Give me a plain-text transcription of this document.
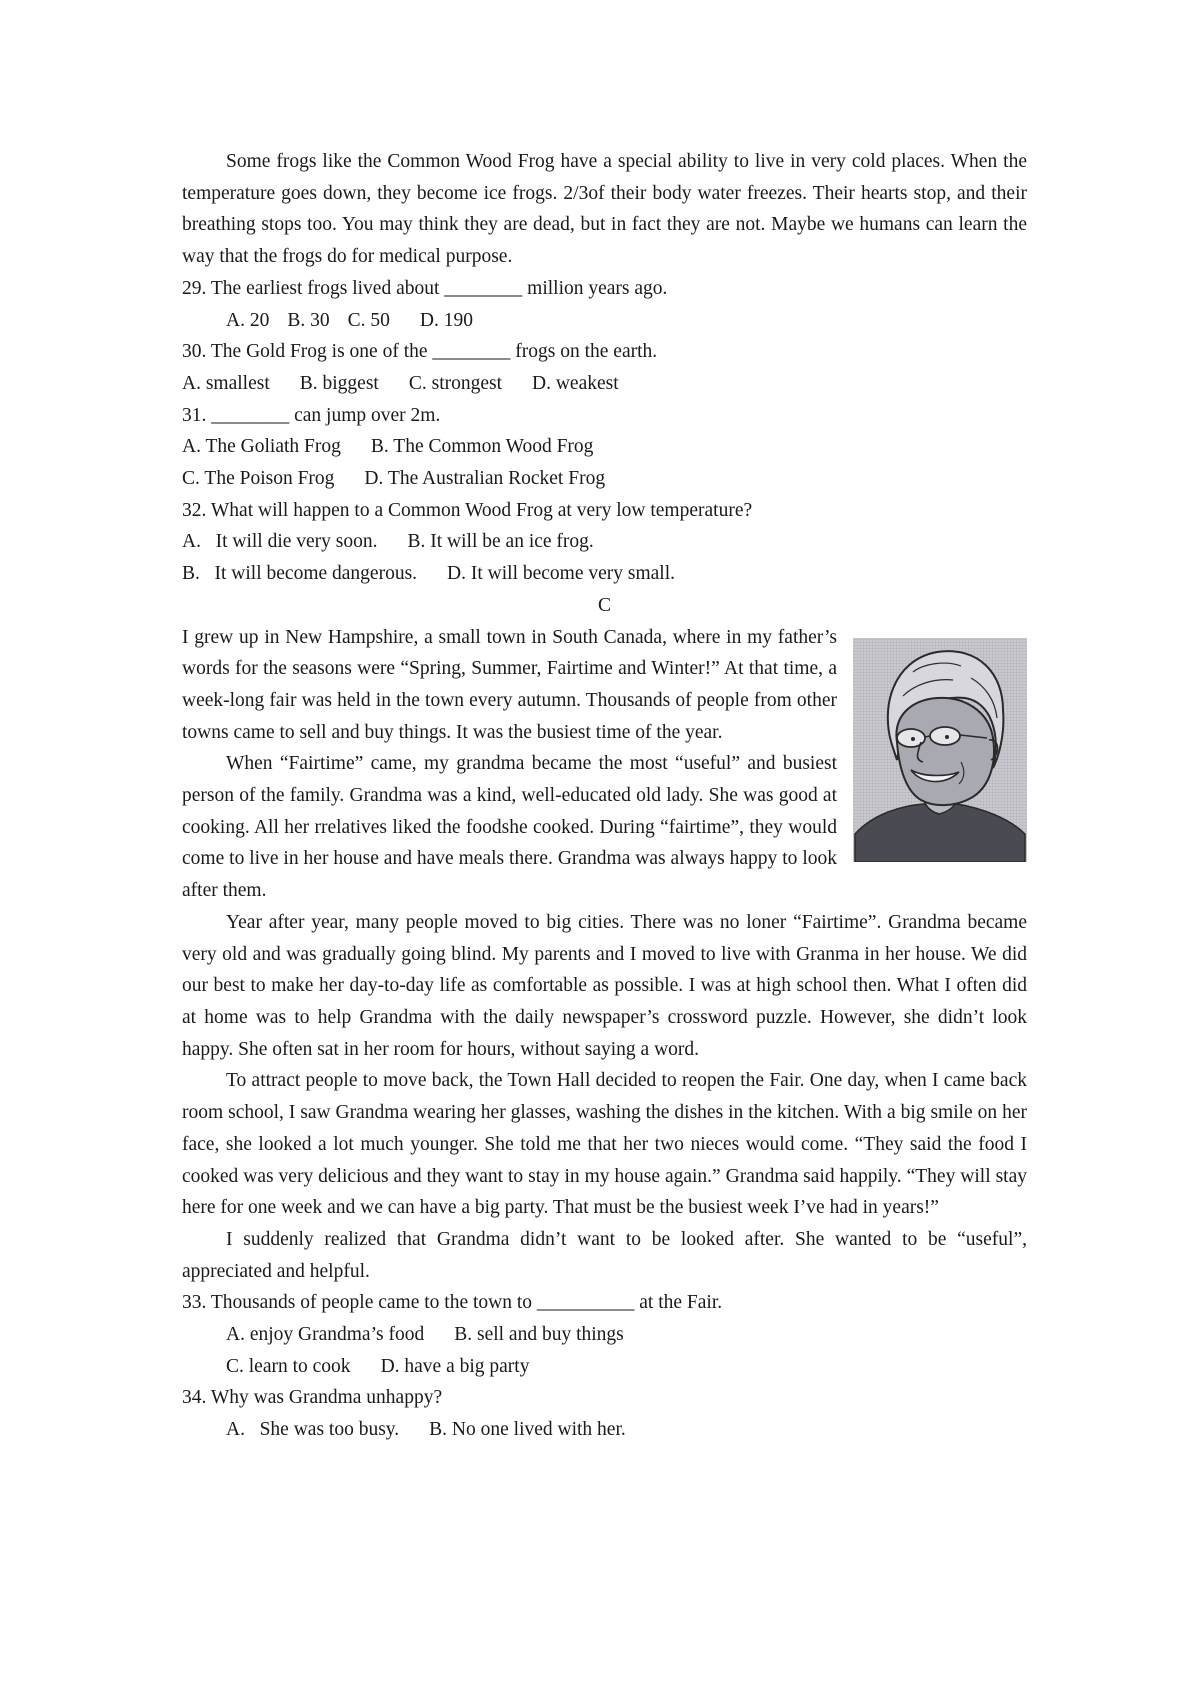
Some frogs like the Common Wood Frog have a special ability to live in very cold places. When the temperature goes down, they become ice frogs. 2/3of their body water freezes. Their hearts stop, and their breathing stops too. You may think they are dead, but in fact they are not. Maybe we humans can learn the way that the frogs do for medical purpose.

29. The earliest frogs lived about ________ million years ago.

A. 20 B. 30 C. 50 D. 190

30. The Gold Frog is one of the ________ frogs on the earth.

A. smallest B. biggest C. strongest D. weakest

31. ________ can jump over 2m.

A. The Goliath Frog B. The Common Wood Frog

C. The Poison Frog D. The Australian Rocket Frog

32. What will happen to a Common Wood Frog at very low temperature?

A.   It will die very soon. B. It will be an ice frog.

B.   It will become dangerous. D. It will become very small.

C

I grew up in New Hampshire, a small town in South Canada, where in my father’s words for the seasons were “Spring, Summer, Fairtime and Winter!” At that time, a week-long fair was held in the town every autumn. Thousands of people from other towns came to sell and buy things. It was the busiest time of the year.

When “Fairtime” came, my grandma became the most “useful” and busiest person of the family. Grandma was a kind, well-educated old lady. She was good at cooking. All her rrelatives liked the foodshe cooked. During “fairtime”, they would come to live in her house and have meals there. Grandma was always happy to look after them.

Year after year, many people moved to big cities. There was no loner “Fairtime”. Grandma became very old and was gradually going blind. My parents and I moved to live with Granma in her house. We did our best to make her day-to-day life as comfortable as possible. I was at high school then. What I often did at home was to help Grandma with the daily newspaper’s crossword puzzle. However, she didn’t look happy. She often sat in her room for hours, without saying a word.

To attract people to move back, the Town Hall decided to reopen the Fair. One day, when I came back room school, I saw Grandma wearing her glasses, washing the dishes in the kitchen. With a big smile on her face, she looked a lot much younger. She told me that her two nieces would come. “They said the food I cooked was very delicious and they want to stay in my house again.” Grandma said happily. “They will stay here for one week and we can have a big party. That must be the busiest week I’ve had in years!”

I suddenly realized that Grandma didn’t want to be looked after. She wanted to be “useful”, appreciated and helpful.

33. Thousands of people came to the town to __________ at the Fair.

A. enjoy Grandma’s food B. sell and buy things

C. learn to cook D. have a big party

34. Why was Grandma unhappy?

A.   She was too busy. B. No one lived with her.
